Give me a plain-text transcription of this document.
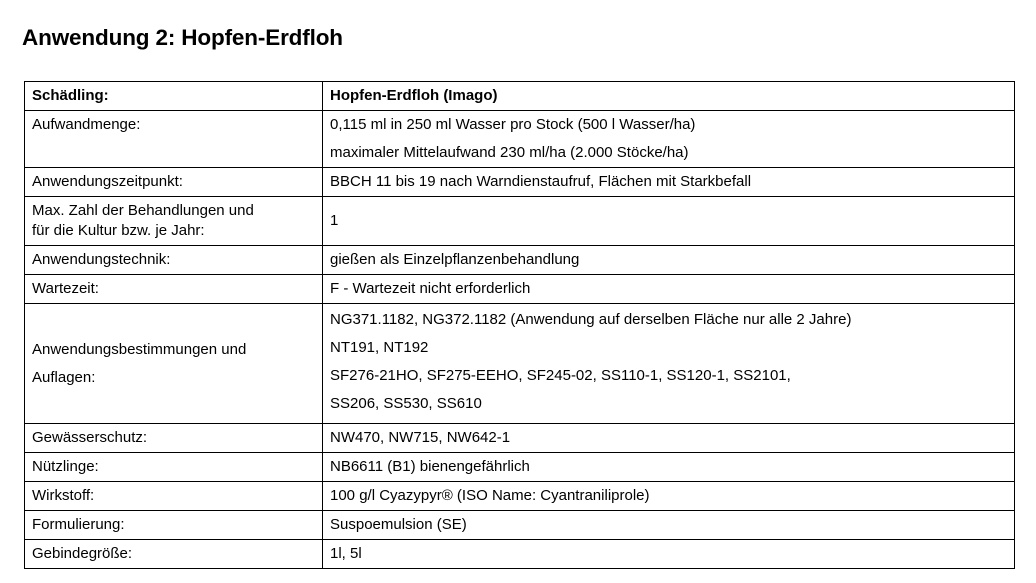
Anwendung 2: Hopfen-Erdfloh
Schädling:	Hopfen-Erdfloh (Imago)

Aufwandmenge:	0,115 ml in 250 ml Wasser pro Stock (500 l Wasser/ha)
maximaler Mittelaufwand 230 ml/ha (2.000 Stöcke/ha)

Anwendungszeitpunkt:	BBCH 11 bis 19 nach Warndienstaufruf, Flächen mit Starkbefall

Max. Zahl der Behandlungen und
für die Kultur bzw. je Jahr:	1

Anwendungstechnik:	gießen als Einzelpflanzenbehandlung

Wartezeit:	F - Wartezeit nicht erforderlich

Anwendungsbestimmungen und
Auflagen:	NG371.1182, NG372.1182 (Anwendung auf derselben Fläche nur alle 2 Jahre)
NT191, NT192
SF276-21HO, SF275-EEHO, SF245-02, SS110-1, SS120-1, SS2101,
SS206, SS530, SS610

Gewässerschutz:	NW470, NW715, NW642-1

Nützlinge:	NB6611 (B1) bienengefährlich

Wirkstoff:	100 g/l Cyazypyr® (ISO Name: Cyantraniliprole)

Formulierung:	Suspoemulsion (SE)

Gebindegröße:	1l, 5l
